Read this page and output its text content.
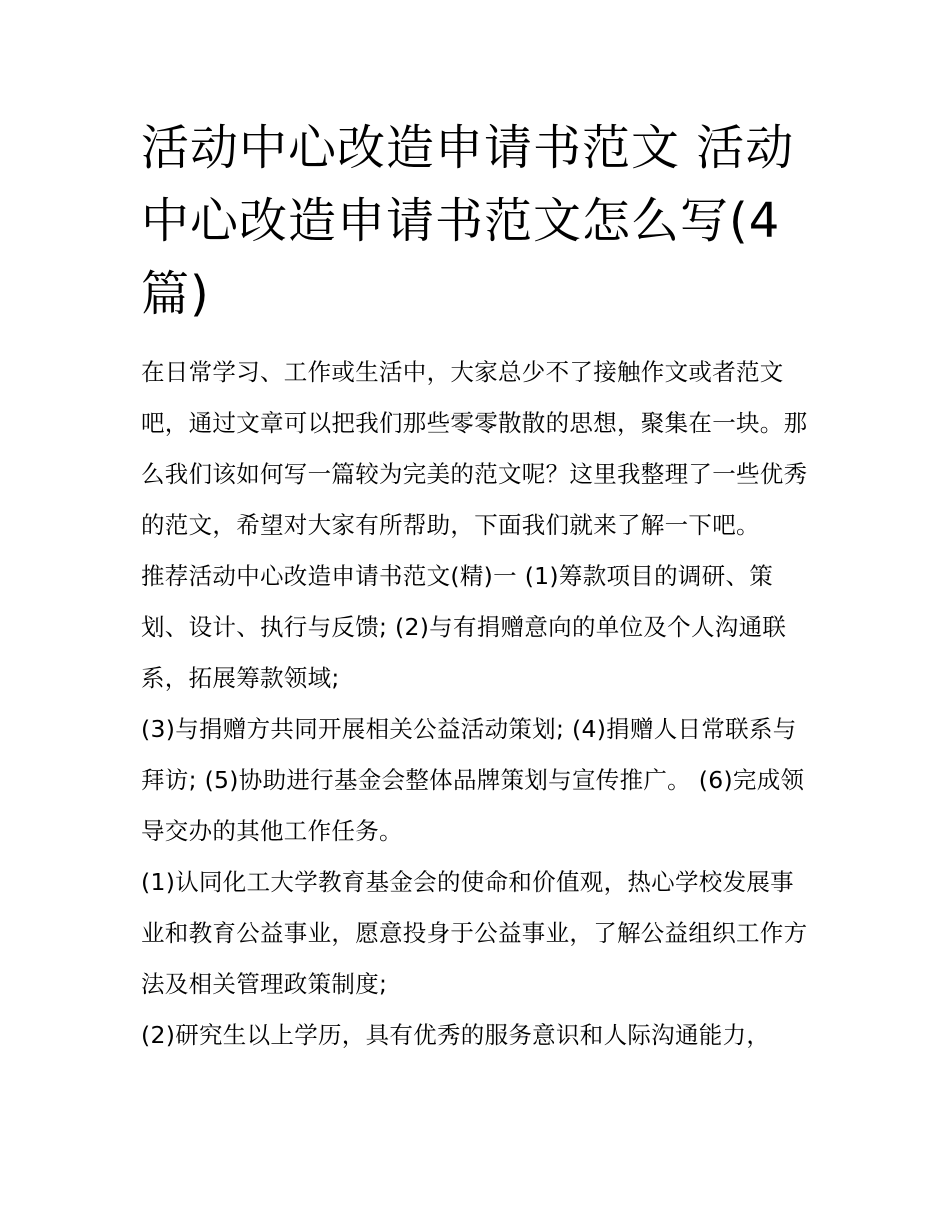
活动中心改造申请书范文 活动中心改造申请书范文怎么写(4篇)

在日常学习、工作或生活中，大家总少不了接触作文或者范文吧，通过文章可以把我们那些零零散散的思想，聚集在一块。那么我们该如何写一篇较为完美的范文呢？这里我整理了一些优秀的范文，希望对大家有所帮助，下面我们就来了解一下吧。

推荐活动中心改造申请书范文(精)一 (1)筹款项目的调研、策划、设计、执行与反馈; (2)与有捐赠意向的单位及个人沟通联系，拓展筹款领域;

(3)与捐赠方共同开展相关公益活动策划; (4)捐赠人日常联系与拜访; (5)协助进行基金会整体品牌策划与宣传推广。 (6)完成领导交办的其他工作任务。

(1)认同化工大学教育基金会的使命和价值观，热心学校发展事业和教育公益事业，愿意投身于公益事业，了解公益组织工作方法及相关管理政策制度;

(2)研究生以上学历，具有优秀的服务意识和人际沟通能力，
